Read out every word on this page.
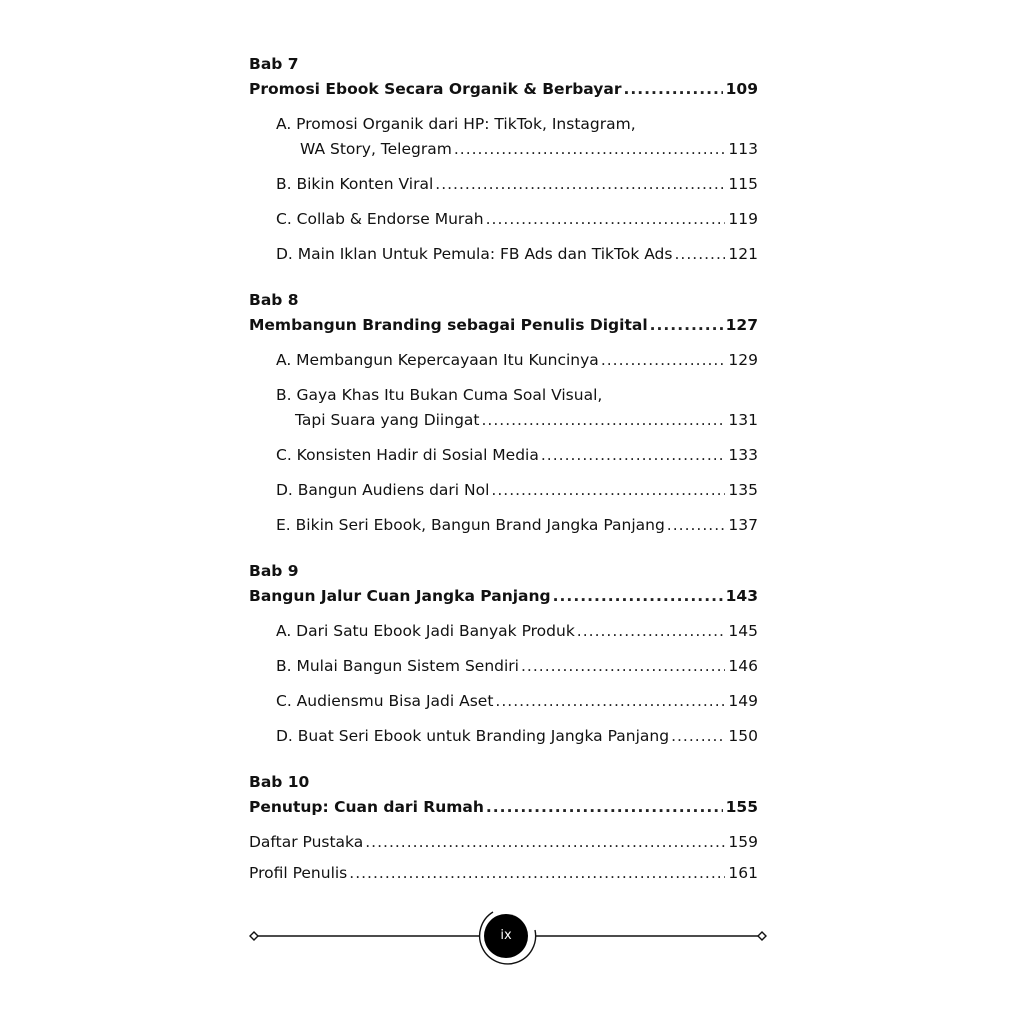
Bab 7
Promosi Ebook Secara Organik & Berbayar .....	109
A. Promosi Organik dari HP: TikTok, Instagram,
WA Story, Telegram .....	113
B. Bikin Konten Viral .....	115
C. Collab & Endorse Murah .....	119
D. Main Iklan Untuk Pemula: FB Ads dan TikTok Ads .....	121
Bab 8
Membangun Branding sebagai Penulis Digital .....	127
A. Membangun Kepercayaan Itu Kuncinya .....	129
B. Gaya Khas Itu Bukan Cuma Soal Visual,
Tapi Suara yang Diingat .....	131
C. Konsisten Hadir di Sosial Media .....	133
D. Bangun Audiens dari Nol .....	135
E. Bikin Seri Ebook, Bangun Brand Jangka Panjang .....	137
Bab 9
Bangun Jalur Cuan Jangka Panjang .....	143
A. Dari Satu Ebook Jadi Banyak Produk .....	145
B. Mulai Bangun Sistem Sendiri .....	146
C. Audiensmu Bisa Jadi Aset .....	149
D. Buat Seri Ebook untuk Branding Jangka Panjang .....	150
Bab 10
Penutup: Cuan dari Rumah .....	155
Daftar Pustaka .....	159
Profil Penulis .....	161
ix
